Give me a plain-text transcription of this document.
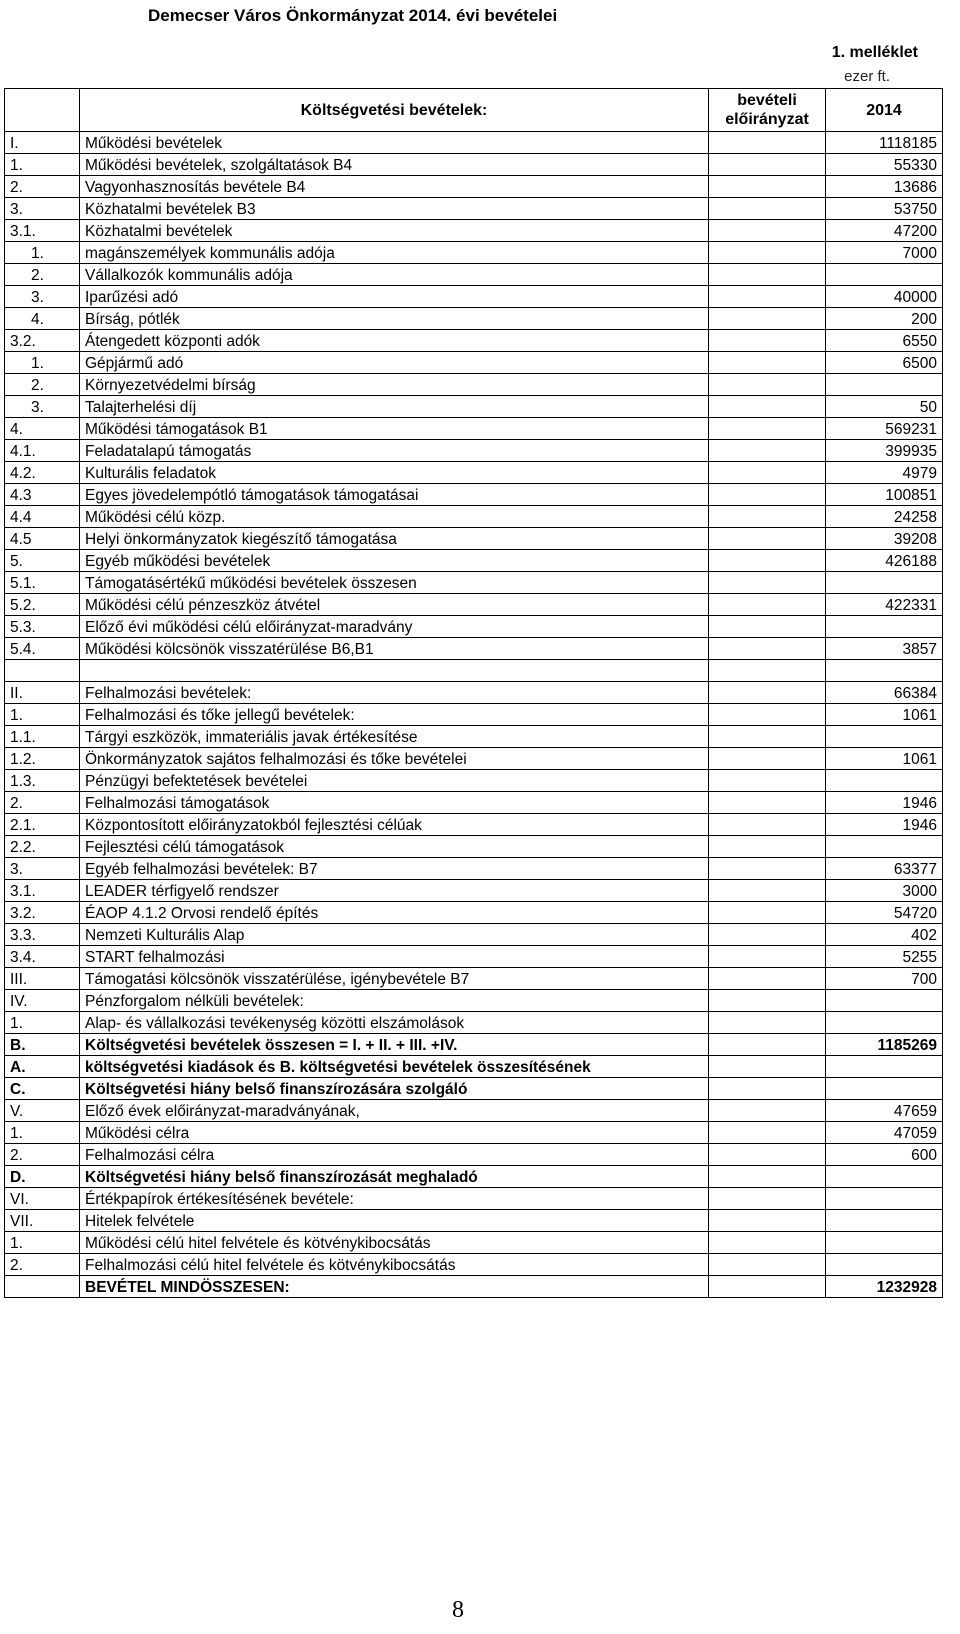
Demecser Város Önkormányzat 2014. évi bevételei
1. melléklet
ezer ft.
	Költségvetési bevételek:	bevételi előirányzat	2014
I.	Működési bevételek		1118185
1.	Működési bevételek, szolgáltatások B4		55330
2.	Vagyonhasznosítás bevétele B4		13686
3.	Közhatalmi bevételek B3		53750
3.1.	Közhatalmi bevételek		47200
1.	magánszemélyek kommunális adója		7000
2.	Vállalkozók kommunális adója		
3.	Iparűzési adó		40000
4.	Bírság, pótlék		200
3.2.	Átengedett központi adók		6550
1.	Gépjármű adó		6500
2.	Környezetvédelmi bírság		
3.	Talajterhelési díj		50
4.	Működési támogatások B1		569231
4.1.	Feladatalapú támogatás		399935
4.2.	Kulturális feladatok		4979
4.3	Egyes jövedelempótló támogatások támogatásai		100851
4.4	Működési célú közp.		24258
4.5	Helyi önkormányzatok kiegészítő támogatása		39208
5.	Egyéb működési bevételek		426188
5.1.	Támogatásértékű működési bevételek összesen		
5.2.	Működési célú pénzeszköz átvétel		422331
5.3.	Előző évi működési célú előirányzat-maradvány		
5.4.	Működési kölcsönök visszatérülése B6,B1		3857

II.	Felhalmozási bevételek:		66384
1.	Felhalmozási és tőke jellegű bevételek:		1061
1.1.	Tárgyi eszközök, immateriális javak értékesítése		
1.2.	Önkormányzatok sajátos felhalmozási és tőke bevételei		1061
1.3.	Pénzügyi befektetések bevételei		
2.	Felhalmozási támogatások		1946
2.1.	Központosított előirányzatokból fejlesztési célúak		1946
2.2.	Fejlesztési célú támogatások		
3.	Egyéb felhalmozási bevételek: B7		63377
3.1.	LEADER térfigyelő rendszer		3000
3.2.	ÉAOP 4.1.2 Orvosi rendelő építés		54720
3.3.	Nemzeti Kulturális Alap		402
3.4.	START felhalmozási		5255
III.	Támogatási kölcsönök visszatérülése, igénybevétele B7		700
IV.	Pénzforgalom nélküli bevételek:		
1.	Alap- és vállalkozási tevékenység közötti elszámolások		
B.	Költségvetési bevételek összesen = I. + II. + III. +IV.		1185269
A.	költségvetési kiadások és B. költségvetési bevételek összesítésének		
C.	Költségvetési hiány belső finanszírozására szolgáló		
V.	Előző évek előirányzat-maradványának,		47659
1.	Működési célra		47059
2.	Felhalmozási célra		600
D.	Költségvetési hiány belső finanszírozását meghaladó		
VI.	Értékpapírok értékesítésének bevétele:		
VII.	Hitelek felvétele		
1.	Működési célú hitel felvétele és kötvénykibocsátás		
2.	Felhalmozási célú hitel felvétele és kötvénykibocsátás		
	BEVÉTEL MINDÖSSZESEN:		1232928
8
